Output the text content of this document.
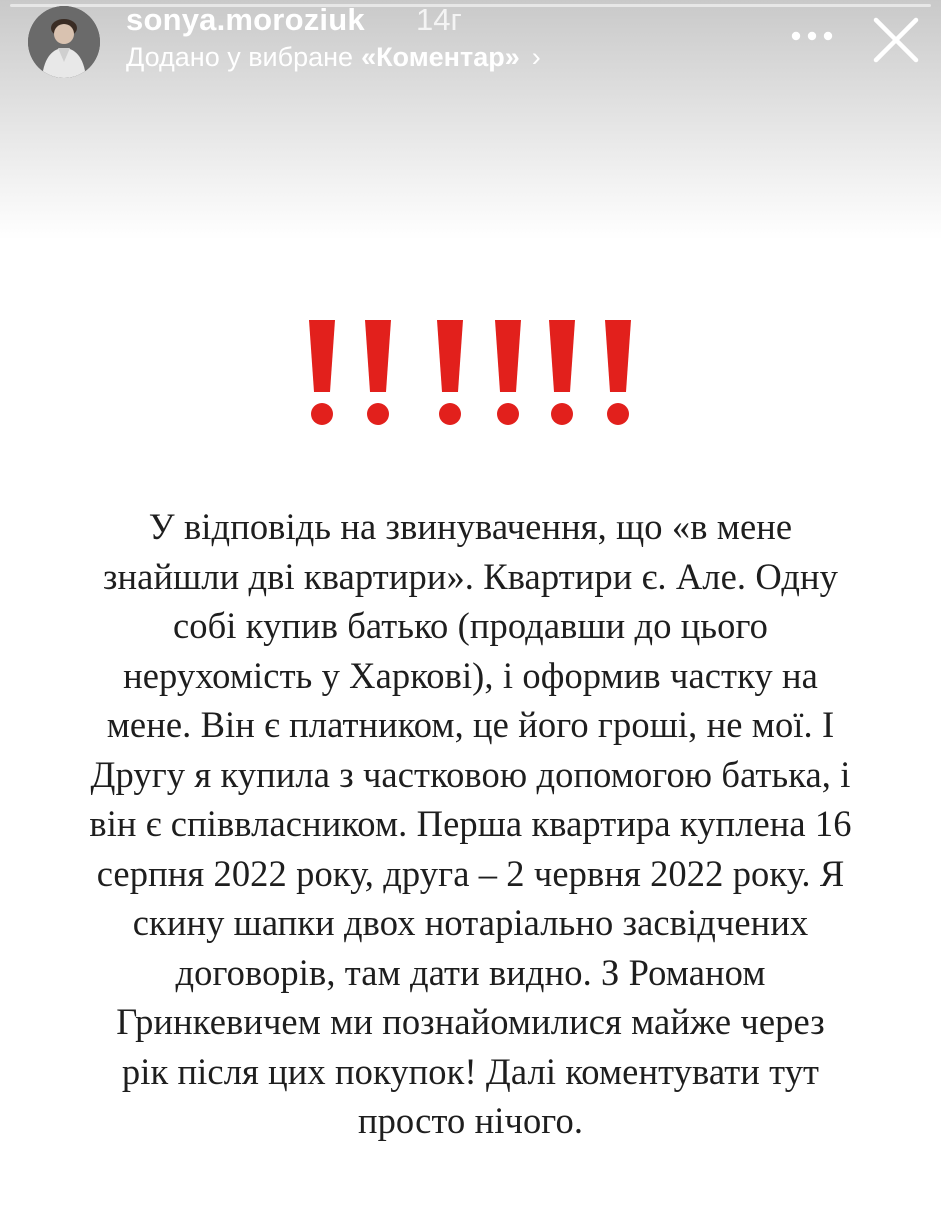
sonya.moroziuk 14г
Додано у вибране «Коментар» ›
У відповідь на звинувачення, що «в мене
знайшли дві квартири». Квартири є. Але. Одну
собі купив батько (продавши до цього
нерухомість у Харкові), і оформив частку на
мене. Він є платником, це його гроші, не мої. І
Другу я купила з частковою допомогою батька, і
він є співвласником. Перша квартира куплена 16
серпня 2022 року, друга – 2 червня 2022 року. Я
скину шапки двох нотаріально засвідчених
договорів, там дати видно. З Романом
Гринкевичем ми познайомилися майже через
рік після цих покупок! Далі коментувати тут
просто нічого.
